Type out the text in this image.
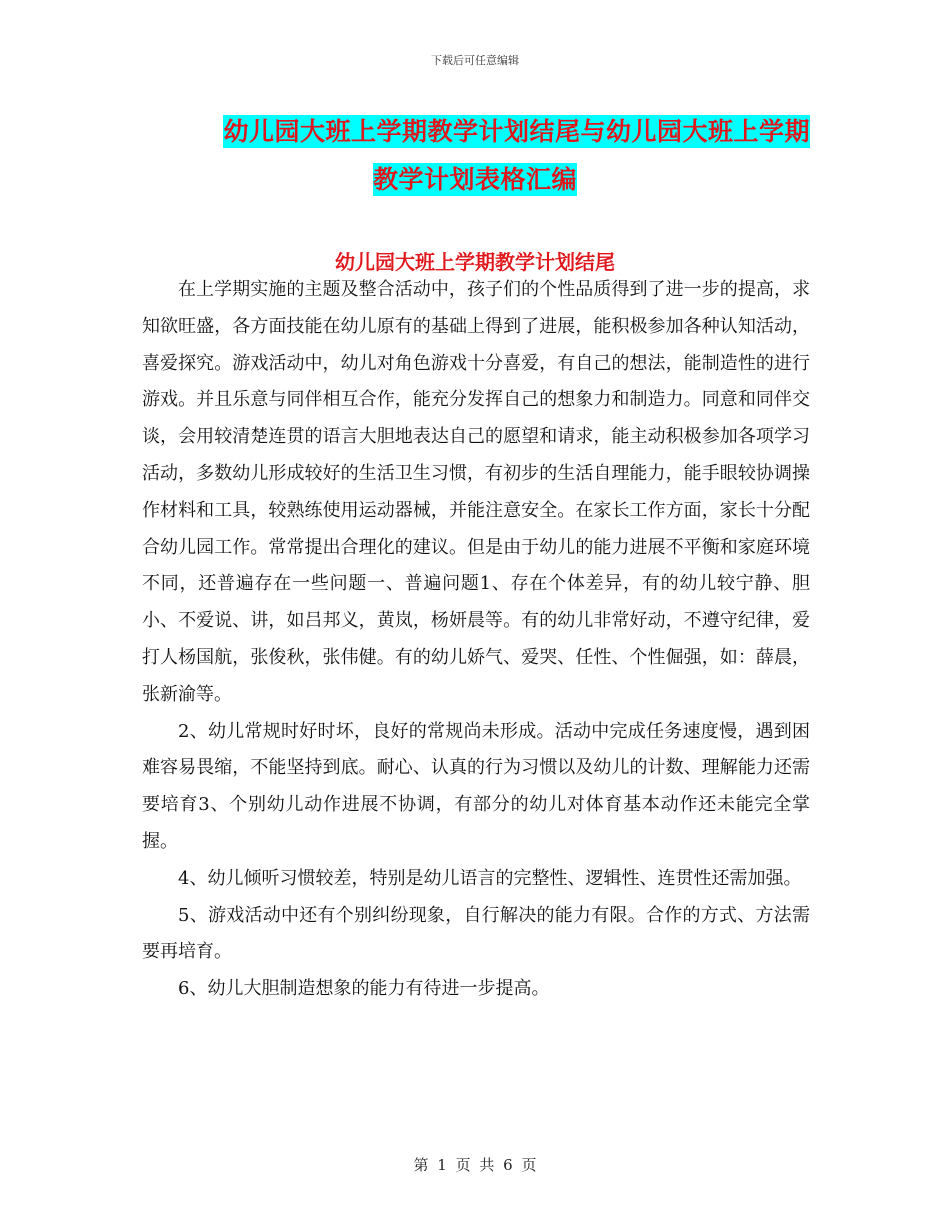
下载后可任意编辑
幼儿园大班上学期教学计划结尾与幼儿园大班上学期
教学计划表格汇编
幼儿园大班上学期教学计划结尾

在上学期实施的主题及整合活动中，孩子们的个性品质得到了进一步的提高，求知欲旺盛，各方面技能在幼儿原有的基础上得到了进展，能积极参加各种认知活动，喜爱探究。游戏活动中，幼儿对角色游戏十分喜爱，有自己的想法，能制造性的进行游戏。并且乐意与同伴相互合作，能充分发挥自己的想象力和制造力。同意和同伴交谈，会用较清楚连贯的语言大胆地表达自己的愿望和请求，能主动积极参加各项学习活动，多数幼儿形成较好的生活卫生习惯，有初步的生活自理能力，能手眼较协调操作材料和工具，较熟练使用运动器械，并能注意安全。在家长工作方面，家长十分配合幼儿园工作。常常提出合理化的建议。但是由于幼儿的能力进展不平衡和家庭环境不同，还普遍存在一些问题一、普遍问题1、存在个体差异，有的幼儿较宁静、胆小、不爱说、讲，如吕邦义，黄岚，杨妍晨等。有的幼儿非常好动，不遵守纪律，爱打人杨国航，张俊秋，张伟健。有的幼儿娇气、爱哭、任性、个性倔强，如：薛晨，张新渝等。

2、幼儿常规时好时坏，良好的常规尚未形成。活动中完成任务速度慢，遇到困难容易畏缩，不能坚持到底。耐心、认真的行为习惯以及幼儿的计数、理解能力还需要培育3、个别幼儿动作进展不协调，有部分的幼儿对体育基本动作还未能完全掌握。

4、幼儿倾听习惯较差，特别是幼儿语言的完整性、逻辑性、连贯性还需加强。

5、游戏活动中还有个别纠纷现象，自行解决的能力有限。合作的方式、方法需要再培育。

6、幼儿大胆制造想象的能力有待进一步提高。

第 1 页 共 6 页
